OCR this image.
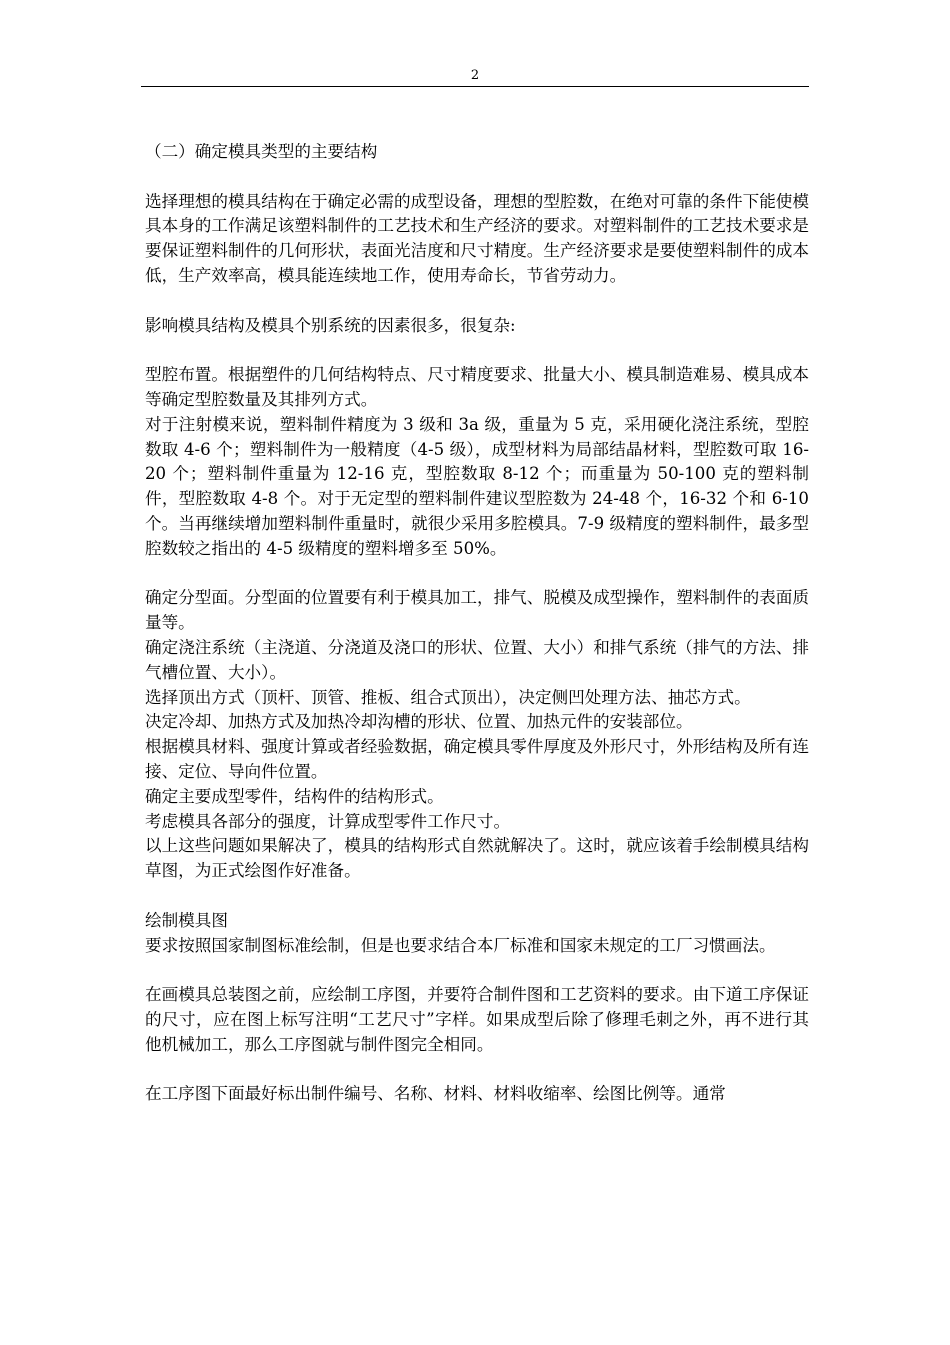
2

（二）确定模具类型的主要结构

选择理想的模具结构在于确定必需的成型设备，理想的型腔数，在绝对可靠的条件下能使模具本身的工作满足该塑料制件的工艺技术和生产经济的要求。对塑料制件的工艺技术要求是要保证塑料制件的几何形状，表面光洁度和尺寸精度。生产经济要求是要使塑料制件的成本低，生产效率高，模具能连续地工作，使用寿命长，节省劳动力。

影响模具结构及模具个别系统的因素很多，很复杂:

型腔布置。根据塑件的几何结构特点、尺寸精度要求、批量大小、模具制造难易、模具成本等确定型腔数量及其排列方式。

对于注射模来说，塑料制件精度为 3 级和 3a 级，重量为 5 克，采用硬化浇注系统，型腔数取 4-6 个；塑料制件为一般精度（4-5 级），成型材料为局部结晶材料，型腔数可取 16-20 个；塑料制件重量为 12-16 克，型腔数取 8-12 个；而重量为 50-100 克的塑料制件，型腔数取 4-8 个。对于无定型的塑料制件建议型腔数为 24-48 个，16-32 个和 6-10 个。当再继续增加塑料制件重量时，就很少采用多腔模具。7-9 级精度的塑料制件，最多型腔数较之指出的 4-5 级精度的塑料增多至 50%。

确定分型面。分型面的位置要有利于模具加工，排气、脱模及成型操作，塑料制件的表面质量等。

确定浇注系统（主浇道、分浇道及浇口的形状、位置、大小）和排气系统（排气的方法、排气槽位置、大小）。

选择顶出方式（顶杆、顶管、推板、组合式顶出），决定侧凹处理方法、抽芯方式。

决定冷却、加热方式及加热冷却沟槽的形状、位置、加热元件的安装部位。

根据模具材料、强度计算或者经验数据，确定模具零件厚度及外形尺寸，外形结构及所有连接、定位、导向件位置。

确定主要成型零件，结构件的结构形式。

考虑模具各部分的强度，计算成型零件工作尺寸。

以上这些问题如果解决了，模具的结构形式自然就解决了。这时，就应该着手绘制模具结构草图，为正式绘图作好准备。

绘制模具图

要求按照国家制图标准绘制，但是也要求结合本厂标准和国家未规定的工厂习惯画法。

在画模具总装图之前，应绘制工序图，并要符合制件图和工艺资料的要求。由下道工序保证的尺寸，应在图上标写注明“工艺尺寸”字样。如果成型后除了修理毛刺之外，再不进行其他机械加工，那么工序图就与制件图完全相同。

在工序图下面最好标出制件编号、名称、材料、材料收缩率、绘图比例等。通常
